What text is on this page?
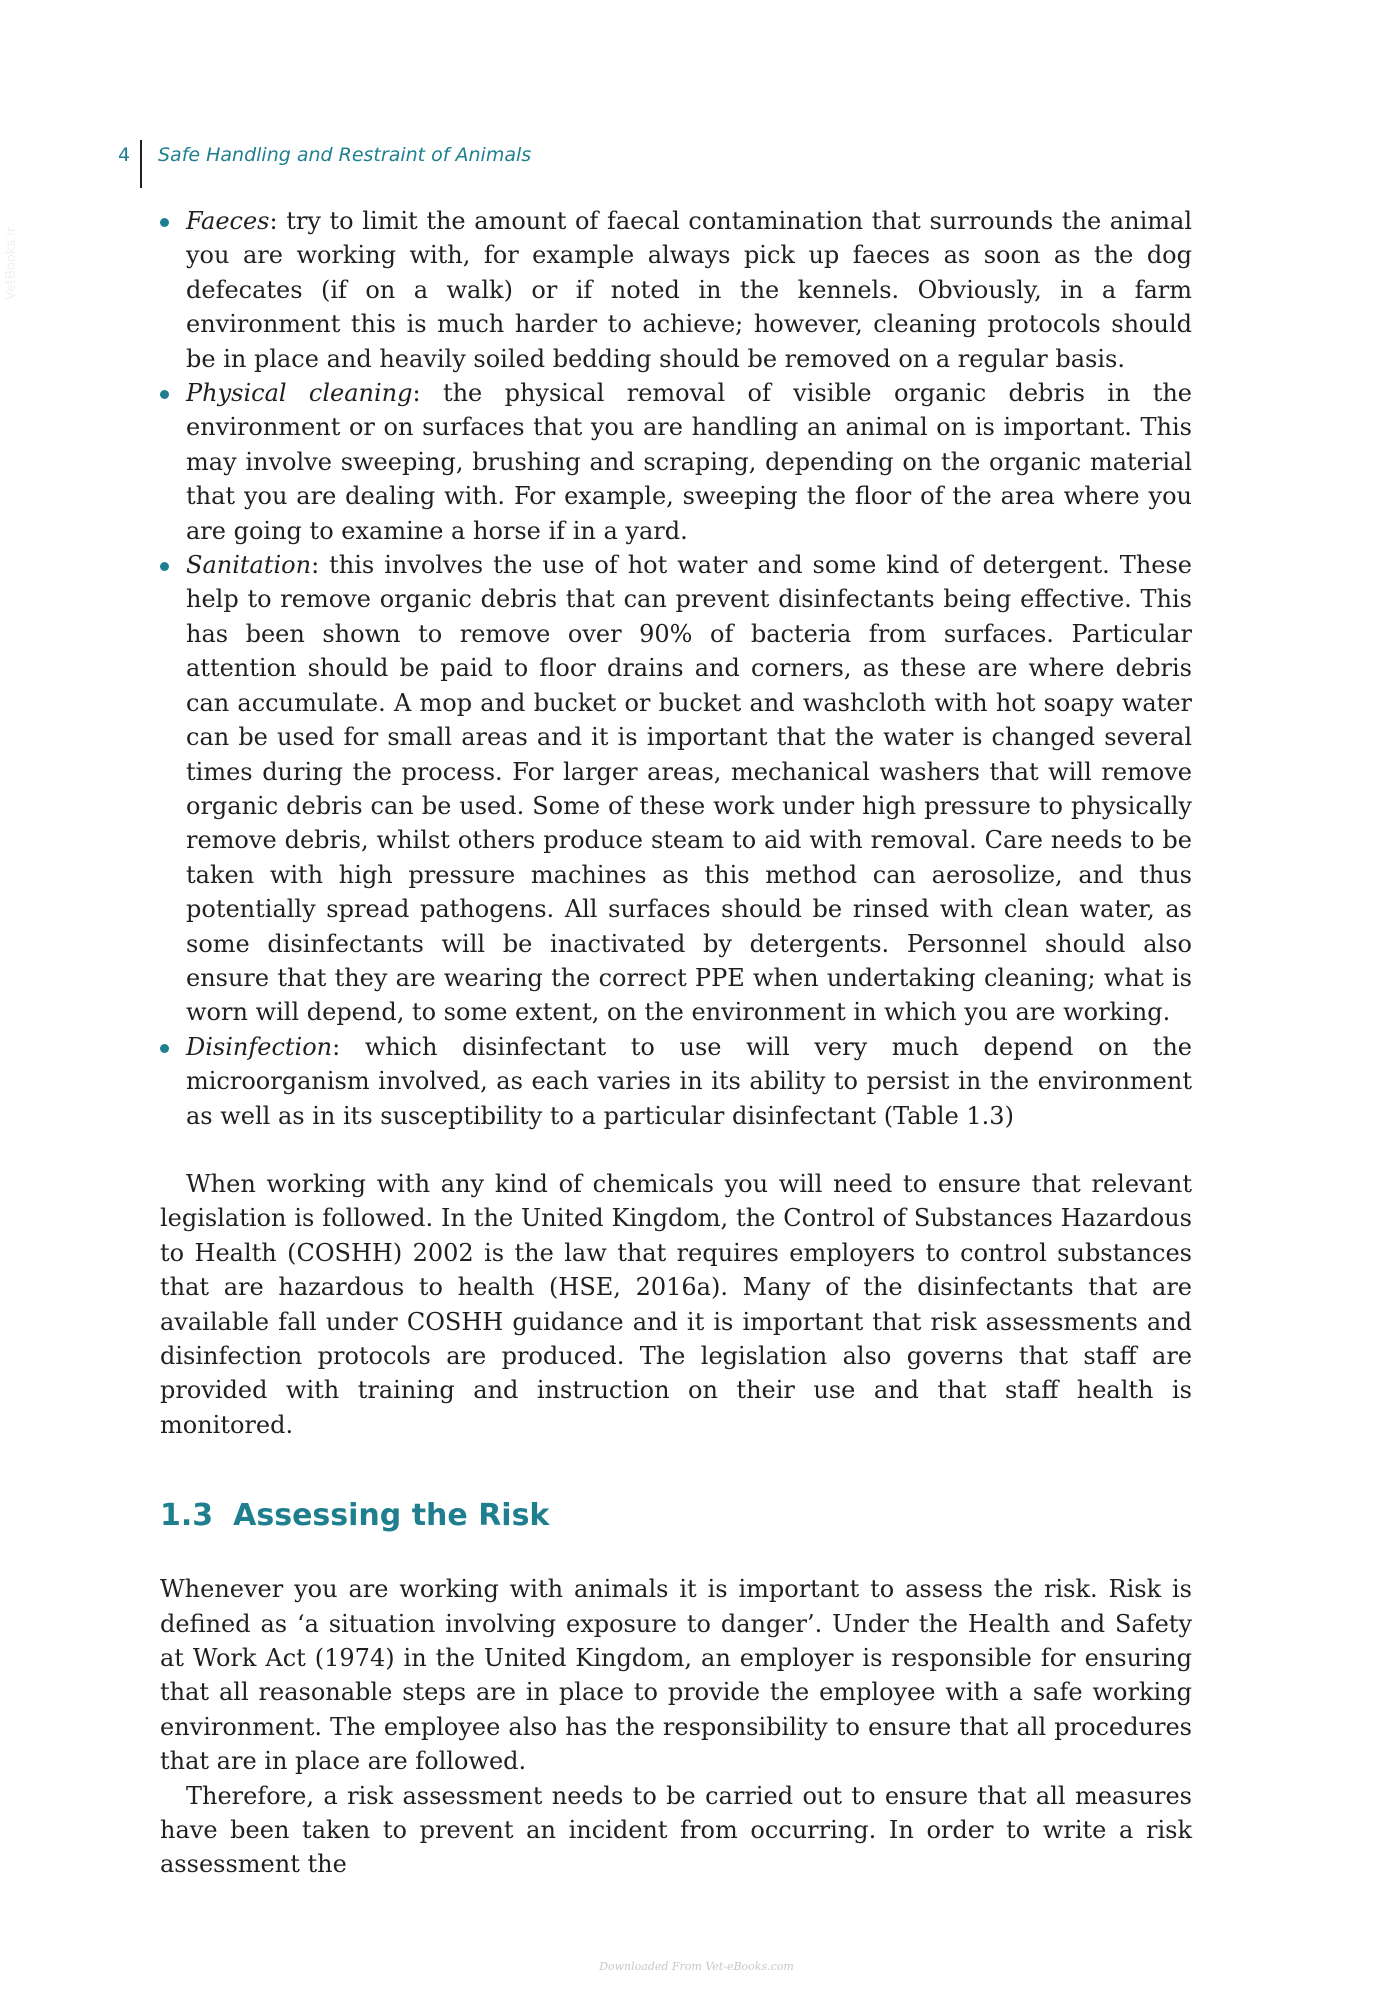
VetBooks.ir
4 Safe Handling and Restraint of Animals
Faeces: try to limit the amount of faecal contamination that surrounds the animal you are working with, for example always pick up faeces as soon as the dog defecates (if on a walk) or if noted in the kennels. Obviously, in a farm environment this is much harder to achieve; however, cleaning protocols should be in place and heavily soiled bedding should be removed on a regular basis.
Physical cleaning: the physical removal of visible organic debris in the environment or on surfaces that you are handling an animal on is important. This may involve sweeping, brushing and scraping, depending on the organic material that you are dealing with. For example, sweeping the floor of the area where you are going to examine a horse if in a yard.
Sanitation: this involves the use of hot water and some kind of detergent. These help to remove organic debris that can prevent disinfectants being effective. This has been shown to remove over 90% of bacteria from surfaces. Particular attention should be paid to floor drains and corners, as these are where debris can accumulate. A mop and bucket or bucket and washcloth with hot soapy water can be used for small areas and it is important that the water is changed several times during the process. For larger areas, mechanical washers that will remove organic debris can be used. Some of these work under high pressure to physically remove debris, whilst others produce steam to aid with removal. Care needs to be taken with high pressure machines as this method can aerosolize, and thus potentially spread pathogens. All surfaces should be rinsed with clean water, as some disinfectants will be inactivated by detergents. Personnel should also ensure that they are wearing the correct PPE when undertaking cleaning; what is worn will depend, to some extent, on the environment in which you are working.
Disinfection: which disinfectant to use will very much depend on the microorganism involved, as each varies in its ability to persist in the environment as well as in its susceptibility to a particular disinfectant (Table 1.3)

When working with any kind of chemicals you will need to ensure that relevant legislation is followed. In the United Kingdom, the Control of Substances Hazardous to Health (COSHH) 2002 is the law that requires employers to control substances that are hazardous to health (HSE, 2016a). Many of the disinfectants that are available fall under COSHH guidance and it is important that risk assessments and disinfection protocols are produced. The legislation also governs that staff are provided with training and instruction on their use and that staff health is monitored.

1.3 Assessing the Risk

Whenever you are working with animals it is important to assess the risk. Risk is defined as ‘a situation involving exposure to danger’. Under the Health and Safety at Work Act (1974) in the United Kingdom, an employer is responsible for ensuring that all reasonable steps are in place to provide the employee with a safe working environment. The employee also has the responsibility to ensure that all procedures that are in place are followed.

Therefore, a risk assessment needs to be carried out to ensure that all measures have been taken to prevent an incident from occurring. In order to write a risk assessment the

Downloaded From Vet-eBooks.com
